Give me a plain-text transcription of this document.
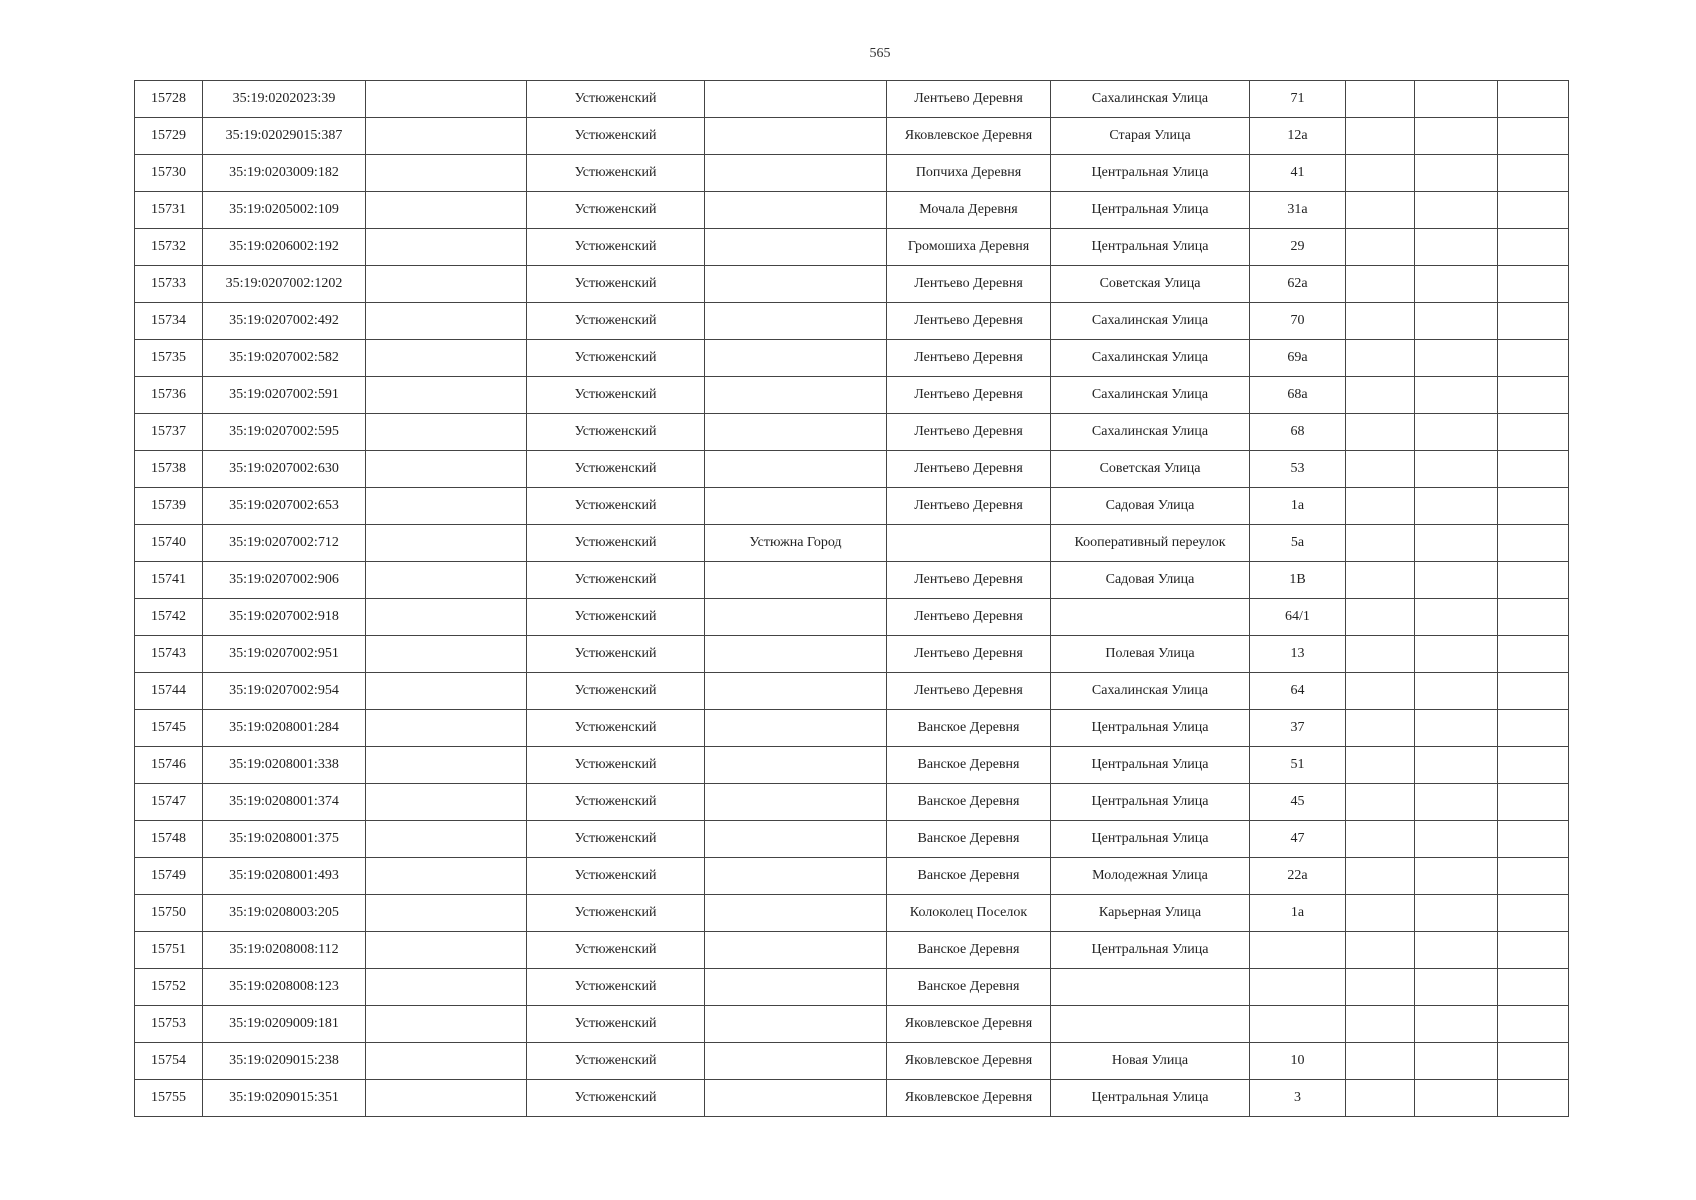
565
15728	35:19:0202023:39		Устюженский		Лентьево Деревня	Сахалинская Улица	71			
15729	35:19:02029015:387		Устюженский		Яковлевское Деревня	Старая Улица	12а			
15730	35:19:0203009:182		Устюженский		Попчиха Деревня	Центральная Улица	41			
15731	35:19:0205002:109		Устюженский		Мочала Деревня	Центральная Улица	31а			
15732	35:19:0206002:192		Устюженский		Громошиха Деревня	Центральная Улица	29			
15733	35:19:0207002:1202		Устюженский		Лентьево Деревня	Советская Улица	62а			
15734	35:19:0207002:492		Устюженский		Лентьево Деревня	Сахалинская Улица	70			
15735	35:19:0207002:582		Устюженский		Лентьево Деревня	Сахалинская Улица	69а			
15736	35:19:0207002:591		Устюженский		Лентьево Деревня	Сахалинская Улица	68а			
15737	35:19:0207002:595		Устюженский		Лентьево Деревня	Сахалинская Улица	68			
15738	35:19:0207002:630		Устюженский		Лентьево Деревня	Советская Улица	53			
15739	35:19:0207002:653		Устюженский		Лентьево Деревня	Садовая Улица	1а			
15740	35:19:0207002:712		Устюженский	Устюжна Город		Кооперативный переулок	5а			
15741	35:19:0207002:906		Устюженский		Лентьево Деревня	Садовая Улица	1В			
15742	35:19:0207002:918		Устюженский		Лентьево Деревня		64/1			
15743	35:19:0207002:951		Устюженский		Лентьево Деревня	Полевая Улица	13			
15744	35:19:0207002:954		Устюженский		Лентьево Деревня	Сахалинская Улица	64			
15745	35:19:0208001:284		Устюженский		Ванское Деревня	Центральная Улица	37			
15746	35:19:0208001:338		Устюженский		Ванское Деревня	Центральная Улица	51			
15747	35:19:0208001:374		Устюженский		Ванское Деревня	Центральная Улица	45			
15748	35:19:0208001:375		Устюженский		Ванское Деревня	Центральная Улица	47			
15749	35:19:0208001:493		Устюженский		Ванское Деревня	Молодежная Улица	22а			
15750	35:19:0208003:205		Устюженский		Колоколец Поселок	Карьерная Улица	1а			
15751	35:19:0208008:112		Устюженский		Ванское Деревня	Центральная Улица				
15752	35:19:0208008:123		Устюженский		Ванское Деревня					
15753	35:19:0209009:181		Устюженский		Яковлевское Деревня					
15754	35:19:0209015:238		Устюженский		Яковлевское Деревня	Новая Улица	10			
15755	35:19:0209015:351		Устюженский		Яковлевское Деревня	Центральная Улица	3			
